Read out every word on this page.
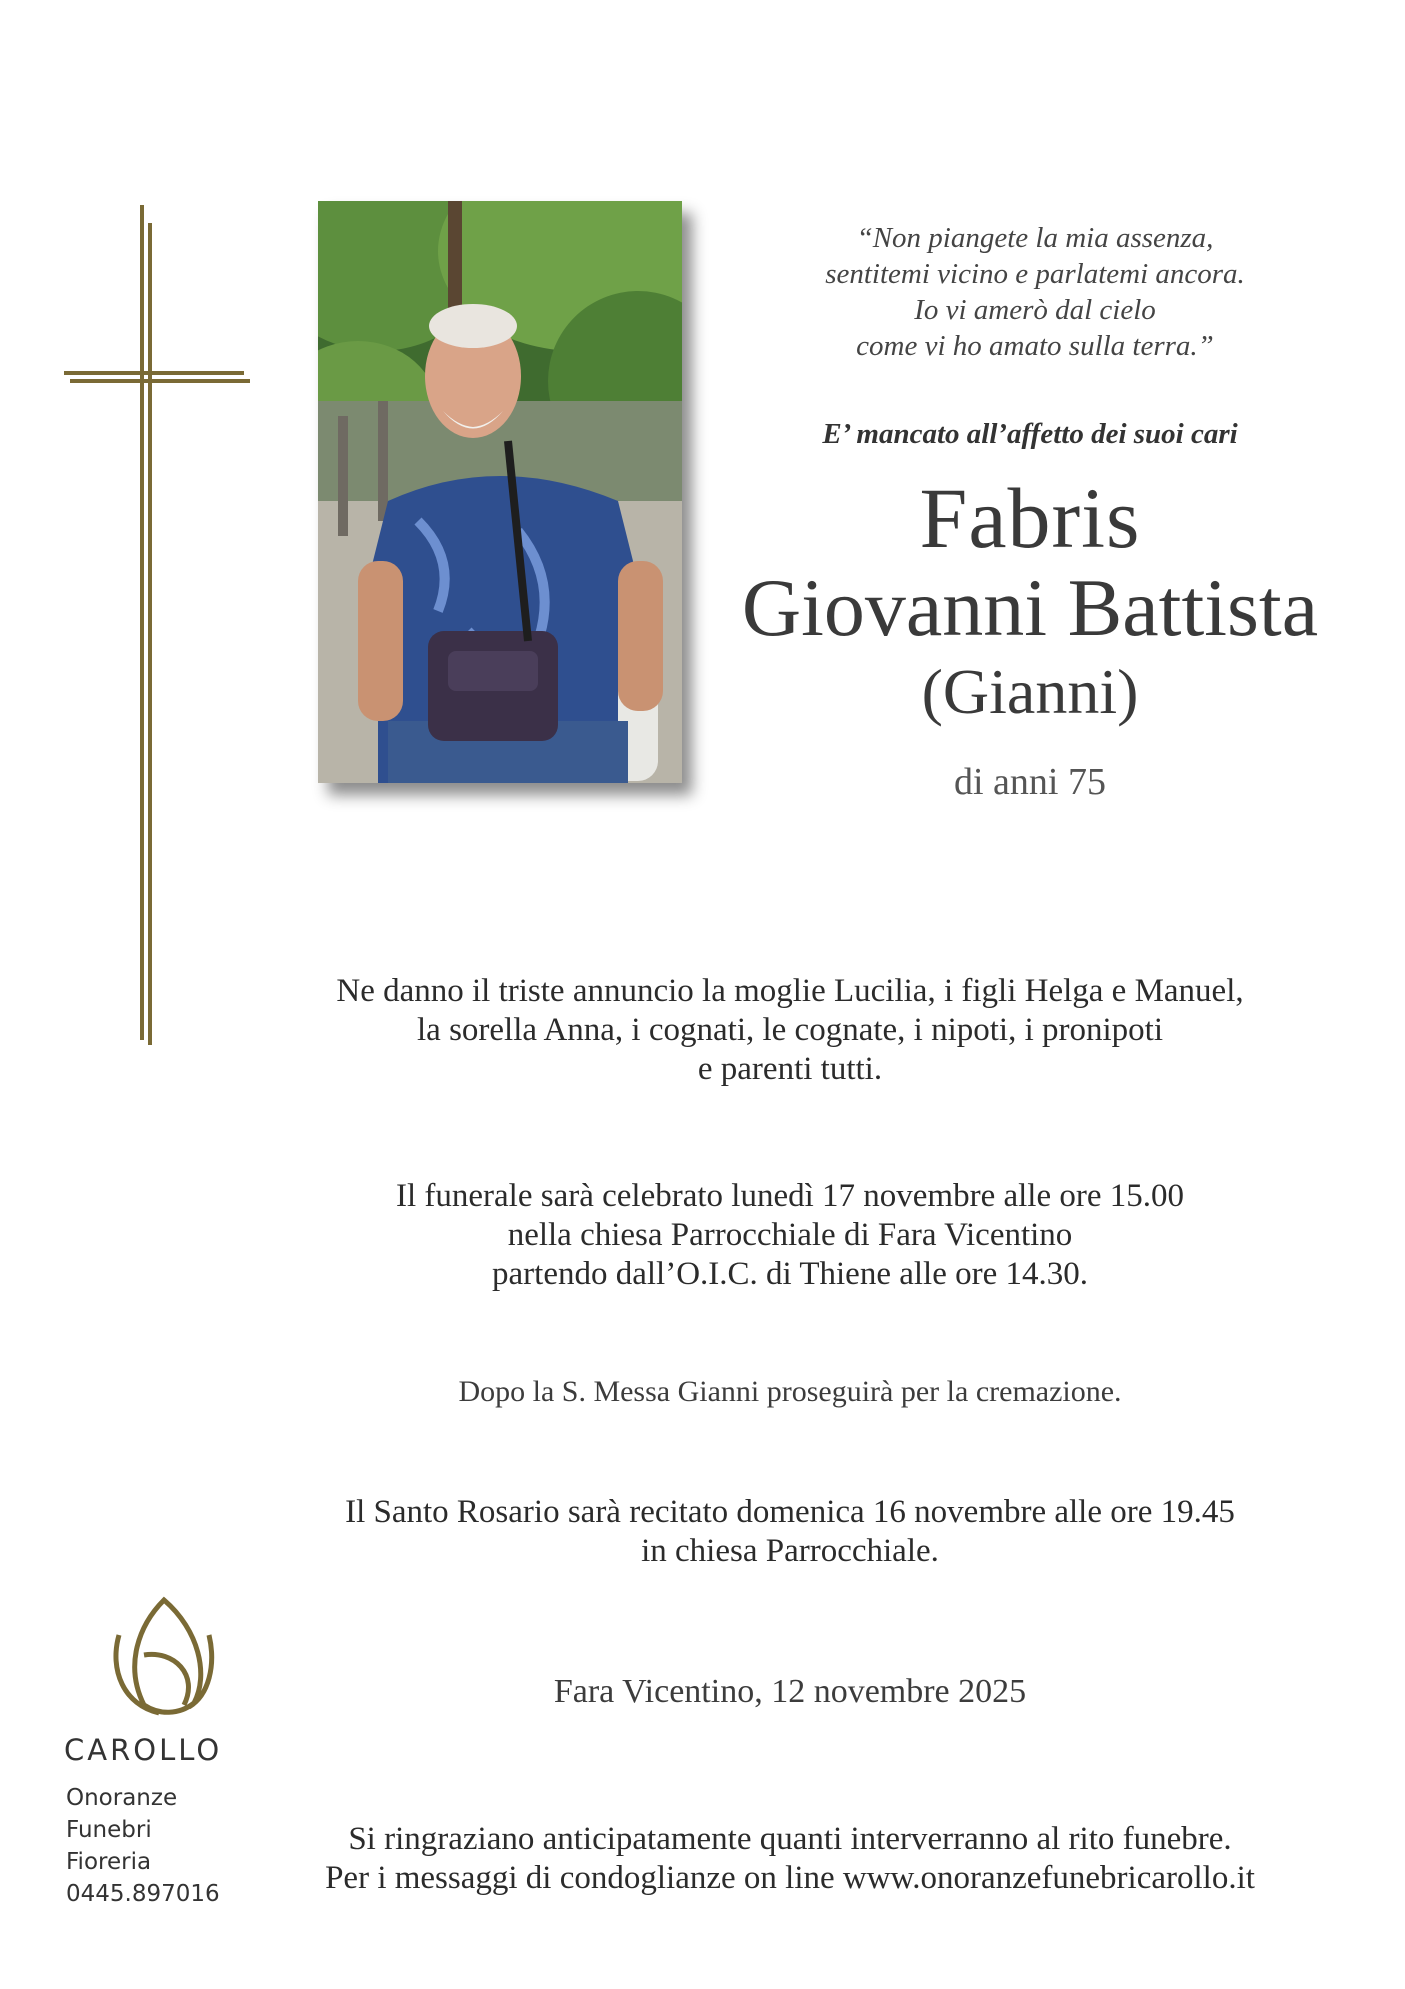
“Non piangete la mia assenza,
sentitemi vicino e parlatemi ancora.
Io vi amerò dal cielo
come vi ho amato sulla terra.”
E’ mancato all’affetto dei suoi cari
Fabris
Giovanni Battista
(Gianni)
di anni 75
Ne danno il triste annuncio la moglie Lucilia, i figli Helga e Manuel,
la sorella Anna, i cognati, le cognate, i nipoti, i pronipoti
e parenti tutti.
Il funerale sarà celebrato lunedì 17 novembre alle ore 15.00
nella chiesa Parrocchiale di Fara Vicentino
partendo dall’O.I.C. di Thiene alle ore 14.30.
Dopo la S. Messa Gianni proseguirà per la cremazione.
Il Santo Rosario sarà recitato domenica 16 novembre alle ore 19.45
in chiesa Parrocchiale.
Fara Vicentino, 12 novembre 2025
Si ringraziano anticipatamente quanti interverranno al rito funebre.
Per i messaggi di condoglianze on line www.onoranzefunebricarollo.it
CAROLLO
Onoranze
Funebri
Fioreria
0445.897016
